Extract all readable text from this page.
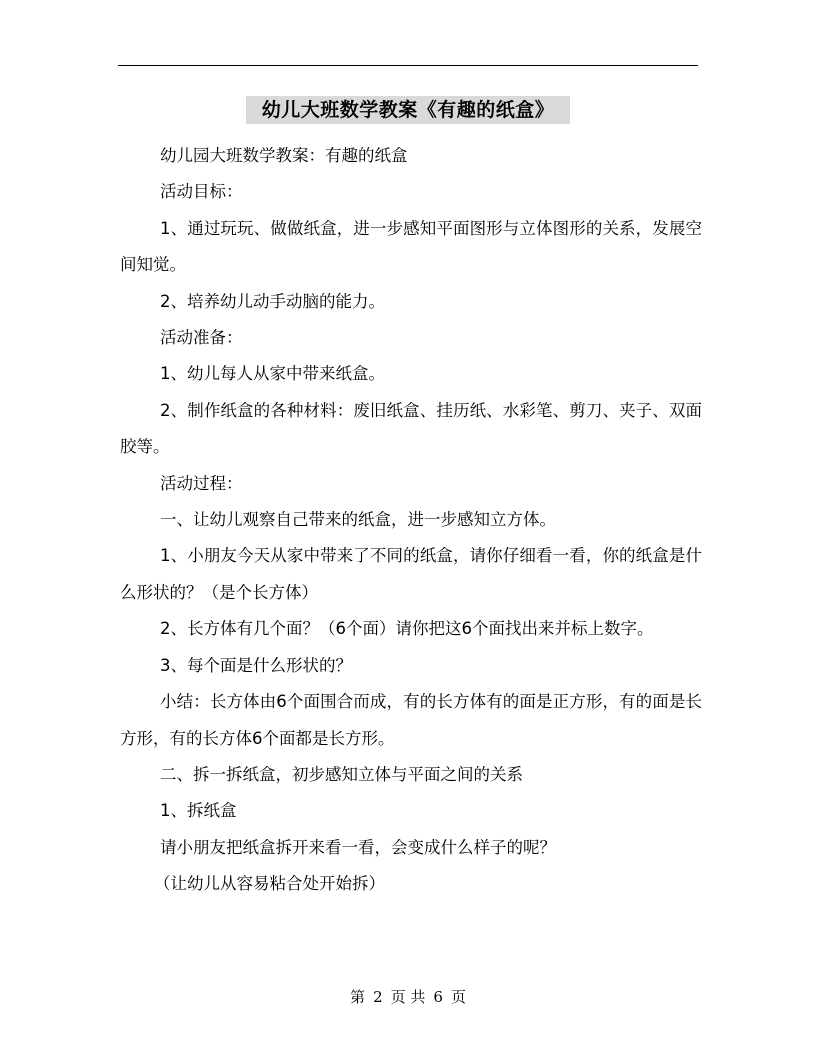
幼儿大班数学教案《有趣的纸盒》

幼儿园大班数学教案：有趣的纸盒

活动目标：

1、通过玩玩、做做纸盒，进一步感知平面图形与立体图形的关系，发展空间知觉。

2、培养幼儿动手动脑的能力。

活动准备：

1、幼儿每人从家中带来纸盒。

2、制作纸盒的各种材料：废旧纸盒、挂历纸、水彩笔、剪刀、夹子、双面胶等。

活动过程：

一、让幼儿观察自己带来的纸盒，进一步感知立方体。

1、小朋友今天从家中带来了不同的纸盒，请你仔细看一看，你的纸盒是什么形状的？（是个长方体）

2、长方体有几个面？（6个面）请你把这6个面找出来并标上数字。

3、每个面是什么形状的？

小结：长方体由6个面围合而成，有的长方体有的面是正方形，有的面是长方形，有的长方体6个面都是长方形。

二、拆一拆纸盒，初步感知立体与平面之间的关系

1、拆纸盒

请小朋友把纸盒拆开来看一看，会变成什么样子的呢？

（让幼儿从容易粘合处开始拆）

第 2 页 共 6 页
